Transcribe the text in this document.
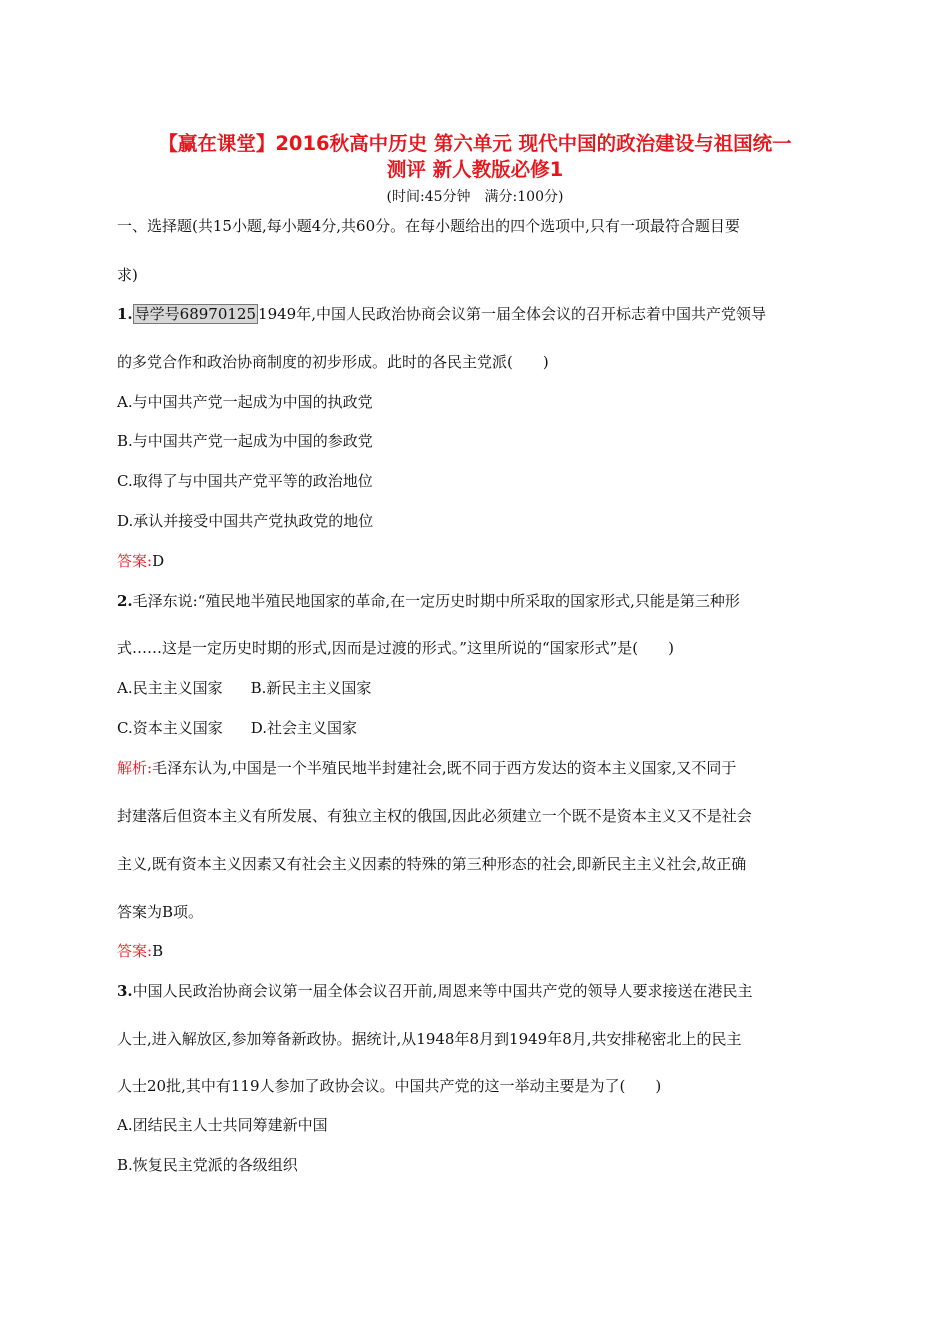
【赢在课堂】2016秋高中历史 第六单元 现代中国的政治建设与祖国统一
测评 新人教版必修1
(时间:45分钟　满分:100分)
一、选择题(共15小题,每小题4分,共60分。在每小题给出的四个选项中,只有一项最符合题目要
求)
1. 导学号68970125 1949年,中国人民政治协商会议第一届全体会议的召开标志着中国共产党领导
的多党合作和政治协商制度的初步形成。此时的各民主党派(　　)
A.与中国共产党一起成为中国的执政党
B.与中国共产党一起成为中国的参政党
C.取得了与中国共产党平等的政治地位
D.承认并接受中国共产党执政党的地位
答案:D
2.毛泽东说:“殖民地半殖民地国家的革命,在一定历史时期中所采取的国家形式,只能是第三种形
式……这是一定历史时期的形式,因而是过渡的形式。”这里所说的“国家形式”是(　　)
A.民主主义国家 B.新民主主义国家
C.资本主义国家 D.社会主义国家
解析:毛泽东认为,中国是一个半殖民地半封建社会,既不同于西方发达的资本主义国家,又不同于
封建落后但资本主义有所发展、有独立主权的俄国,因此必须建立一个既不是资本主义又不是社会
主义,既有资本主义因素又有社会主义因素的特殊的第三种形态的社会,即新民主主义社会,故正确
答案为B项。
答案:B
3.中国人民政治协商会议第一届全体会议召开前,周恩来等中国共产党的领导人要求接送在港民主
人士,进入解放区,参加筹备新政协。据统计,从1948年8月到1949年8月,共安排秘密北上的民主
人士20批,其中有119人参加了政协会议。中国共产党的这一举动主要是为了(　　)
A.团结民主人士共同筹建新中国
B.恢复民主党派的各级组织
